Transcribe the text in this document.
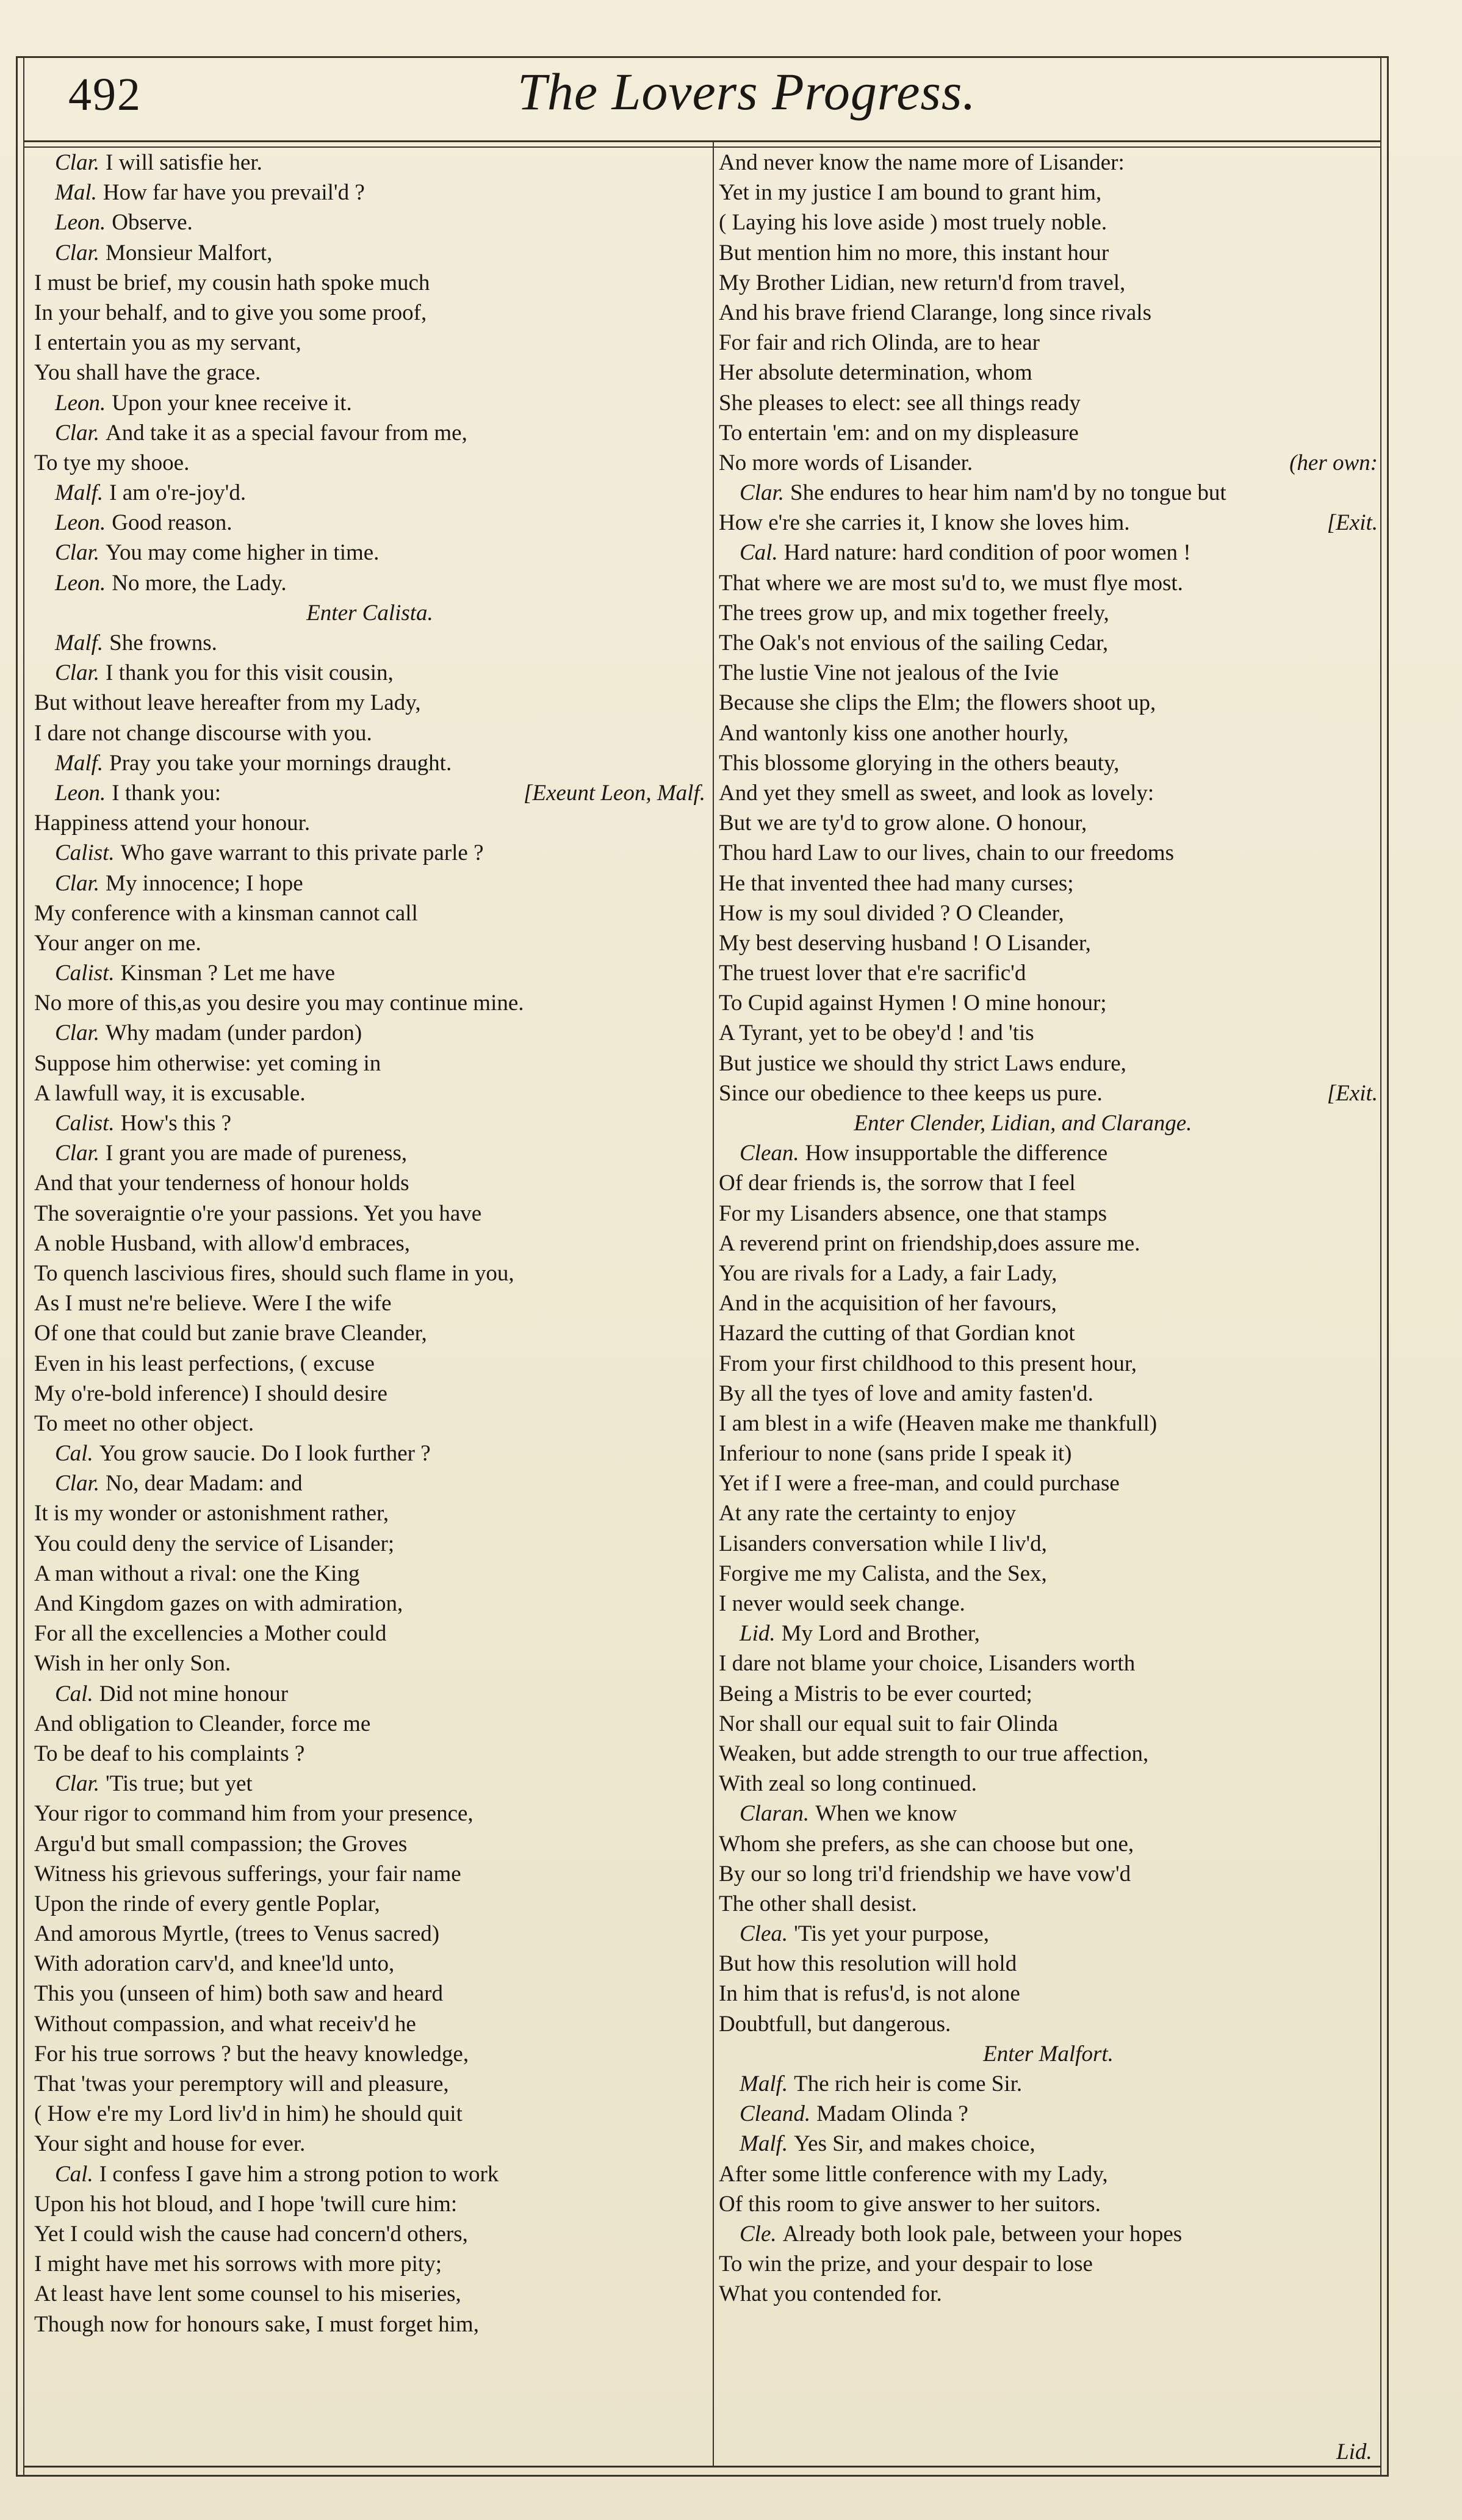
492	The Lovers Progress.
Clar. I will satisfie her.
Mal. How far have you prevail'd ?
Leon. Observe.
Clar. Monsieur Malfort,
I must be brief, my cousin hath spoke much
In your behalf, and to give you some proof,
I entertain you as my servant,
You shall have the grace.
Leon. Upon your knee receive it.
Clar. And take it as a special favour from me,
To tye my shooe.
Malf. I am o're-joy'd.
Leon. Good reason.
Clar. You may come higher in time.
Leon. No more, the Lady.
Enter Calista.
Malf. She frowns.
Clar. I thank you for this visit cousin,
But without leave hereafter from my Lady,
I dare not change discourse with you.
Malf. Pray you take your mornings draught.
Leon. I thank you:	[Exeunt Leon, Malf.
Happiness attend your honour.
Calist. Who gave warrant to this private parle ?
Clar. My innocence; I hope
My conference with a kinsman cannot call
Your anger on me.
Calist. Kinsman ? Let me have
No more of this,as you desire you may continue mine.
Clar. Why madam (under pardon)
Suppose him otherwise: yet coming in
A lawfull way, it is excusable.
Calist. How's this ?
Clar. I grant you are made of pureness,
And that your tenderness of honour holds
The soveraigntie o're your passions. Yet you have
A noble Husband, with allow'd embraces,
To quench lascivious fires, should such flame in you,
As I must ne're believe. Were I the wife
Of one that could but zanie brave Cleander,
Even in his least perfections, ( excuse
My o're-bold inference) I should desire
To meet no other object.
Cal. You grow saucie. Do I look further ?
Clar. No, dear Madam: and
It is my wonder or astonishment rather,
You could deny the service of Lisander;
A man without a rival: one the King
And Kingdom gazes on with admiration,
For all the excellencies a Mother could
Wish in her only Son.
Cal. Did not mine honour
And obligation to Cleander, force me
To be deaf to his complaints ?
Clar. 'Tis true; but yet
Your rigor to command him from your presence,
Argu'd but small compassion; the Groves
Witness his grievous sufferings, your fair name
Upon the rinde of every gentle Poplar,
And amorous Myrtle, (trees to Venus sacred)
With adoration carv'd, and knee'ld unto,
This you (unseen of him) both saw and heard
Without compassion, and what receiv'd he
For his true sorrows ? but the heavy knowledge,
That 'twas your peremptory will and pleasure,
( How e're my Lord liv'd in him) he should quit
Your sight and house for ever.
Cal. I confess I gave him a strong potion to work
Upon his hot bloud, and I hope 'twill cure him:
Yet I could wish the cause had concern'd others,
I might have met his sorrows with more pity;
At least have lent some counsel to his miseries,
Though now for honours sake, I must forget him,
And never know the name more of Lisander:
Yet in my justice I am bound to grant him,
( Laying his love aside ) most truely noble.
But mention him no more, this instant hour
My Brother Lidian, new return'd from travel,
And his brave friend Clarange, long since rivals
For fair and rich Olinda, are to hear
Her absolute determination, whom
She pleases to elect: see all things ready
To entertain 'em: and on my displeasure
No more words of Lisander.	(her own:
Clar. She endures to hear him nam'd by no tongue but
How e're she carries it, I know she loves him.	[Exit.
Cal. Hard nature: hard condition of poor women !
That where we are most su'd to, we must flye most.
The trees grow up, and mix together freely,
The Oak's not envious of the sailing Cedar,
The lustie Vine not jealous of the Ivie
Because she clips the Elm; the flowers shoot up,
And wantonly kiss one another hourly,
This blossome glorying in the others beauty,
And yet they smell as sweet, and look as lovely:
But we are ty'd to grow alone. O honour,
Thou hard Law to our lives, chain to our freedoms
He that invented thee had many curses;
How is my soul divided ? O Cleander,
My best deserving husband ! O Lisander,
The truest lover that e're sacrific'd
To Cupid against Hymen ! O mine honour;
A Tyrant, yet to be obey'd ! and 'tis
But justice we should thy strict Laws endure,
Since our obedience to thee keeps us pure.	[Exit.
Enter Clender, Lidian, and Clarange.
Clean. How insupportable the difference
Of dear friends is, the sorrow that I feel
For my Lisanders absence, one that stamps
A reverend print on friendship,does assure me.
You are rivals for a Lady, a fair Lady,
And in the acquisition of her favours,
Hazard the cutting of that Gordian knot
From your first childhood to this present hour,
By all the tyes of love and amity fasten'd.
I am blest in a wife (Heaven make me thankfull)
Inferiour to none (sans pride I speak it)
Yet if I were a free-man, and could purchase
At any rate the certainty to enjoy
Lisanders conversation while I liv'd,
Forgive me my Calista, and the Sex,
I never would seek change.
Lid. My Lord and Brother,
I dare not blame your choice, Lisanders worth
Being a Mistris to be ever courted;
Nor shall our equal suit to fair Olinda
Weaken, but adde strength to our true affection,
With zeal so long continued.
Claran. When we know
Whom she prefers, as she can choose but one,
By our so long tri'd friendship we have vow'd
The other shall desist.
Clea. 'Tis yet your purpose,
But how this resolution will hold
In him that is refus'd, is not alone
Doubtfull, but dangerous.
Enter Malfort.
Malf. The rich heir is come Sir.
Cleand. Madam Olinda ?
Malf. Yes Sir, and makes choice,
After some little conference with my Lady,
Of this room to give answer to her suitors.
Cle. Already both look pale, between your hopes
To win the prize, and your despair to lose
What you contended for.
Lid.
